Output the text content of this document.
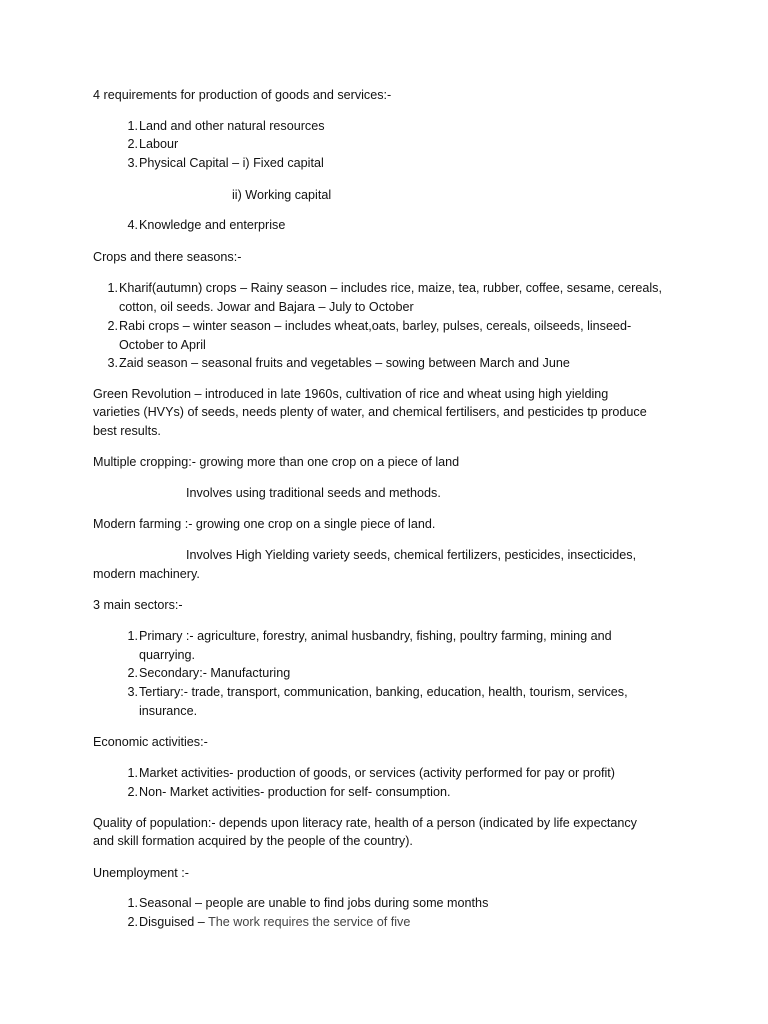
4 requirements for production of goods and services:-
1. Land and other natural resources
2. Labour
3. Physical Capital – i) Fixed capital
ii) Working capital
4. Knowledge and enterprise
Crops and there seasons:-
1. Kharif(autumn) crops – Rainy season – includes rice, maize, tea, rubber, coffee, sesame, cereals,
cotton, oil seeds. Jowar and Bajara – July to October
2. Rabi crops – winter season – includes wheat,oats, barley, pulses, cereals, oilseeds, linseed-
October to April
3. Zaid season – seasonal fruits and vegetables – sowing between March and June
Green Revolution – introduced in late 1960s, cultivation of rice and wheat using high yielding
varieties (HVYs) of seeds, needs plenty of water, and chemical fertilisers, and pesticides tp produce
best results.
Multiple cropping:- growing more than one crop on a piece of land
Involves using traditional seeds and methods.
Modern farming :- growing one crop on a single piece of land.
Involves High Yielding variety seeds, chemical fertilizers, pesticides, insecticides,
modern machinery.
3 main sectors:-
1. Primary :- agriculture, forestry, animal husbandry, fishing, poultry farming, mining and
quarrying.
2. Secondary:- Manufacturing
3. Tertiary:- trade, transport, communication, banking, education, health, tourism, services,
insurance.
Economic activities:-
1. Market activities- production of goods, or services (activity performed for pay or profit)
2. Non- Market activities- production for self- consumption.
Quality of population:- depends upon literacy rate, health of a person (indicated by life expectancy
and skill formation acquired by the people of the country).
Unemployment :-
1. Seasonal – people are unable to find jobs during some months
2. Disguised – The work requires the service of five
